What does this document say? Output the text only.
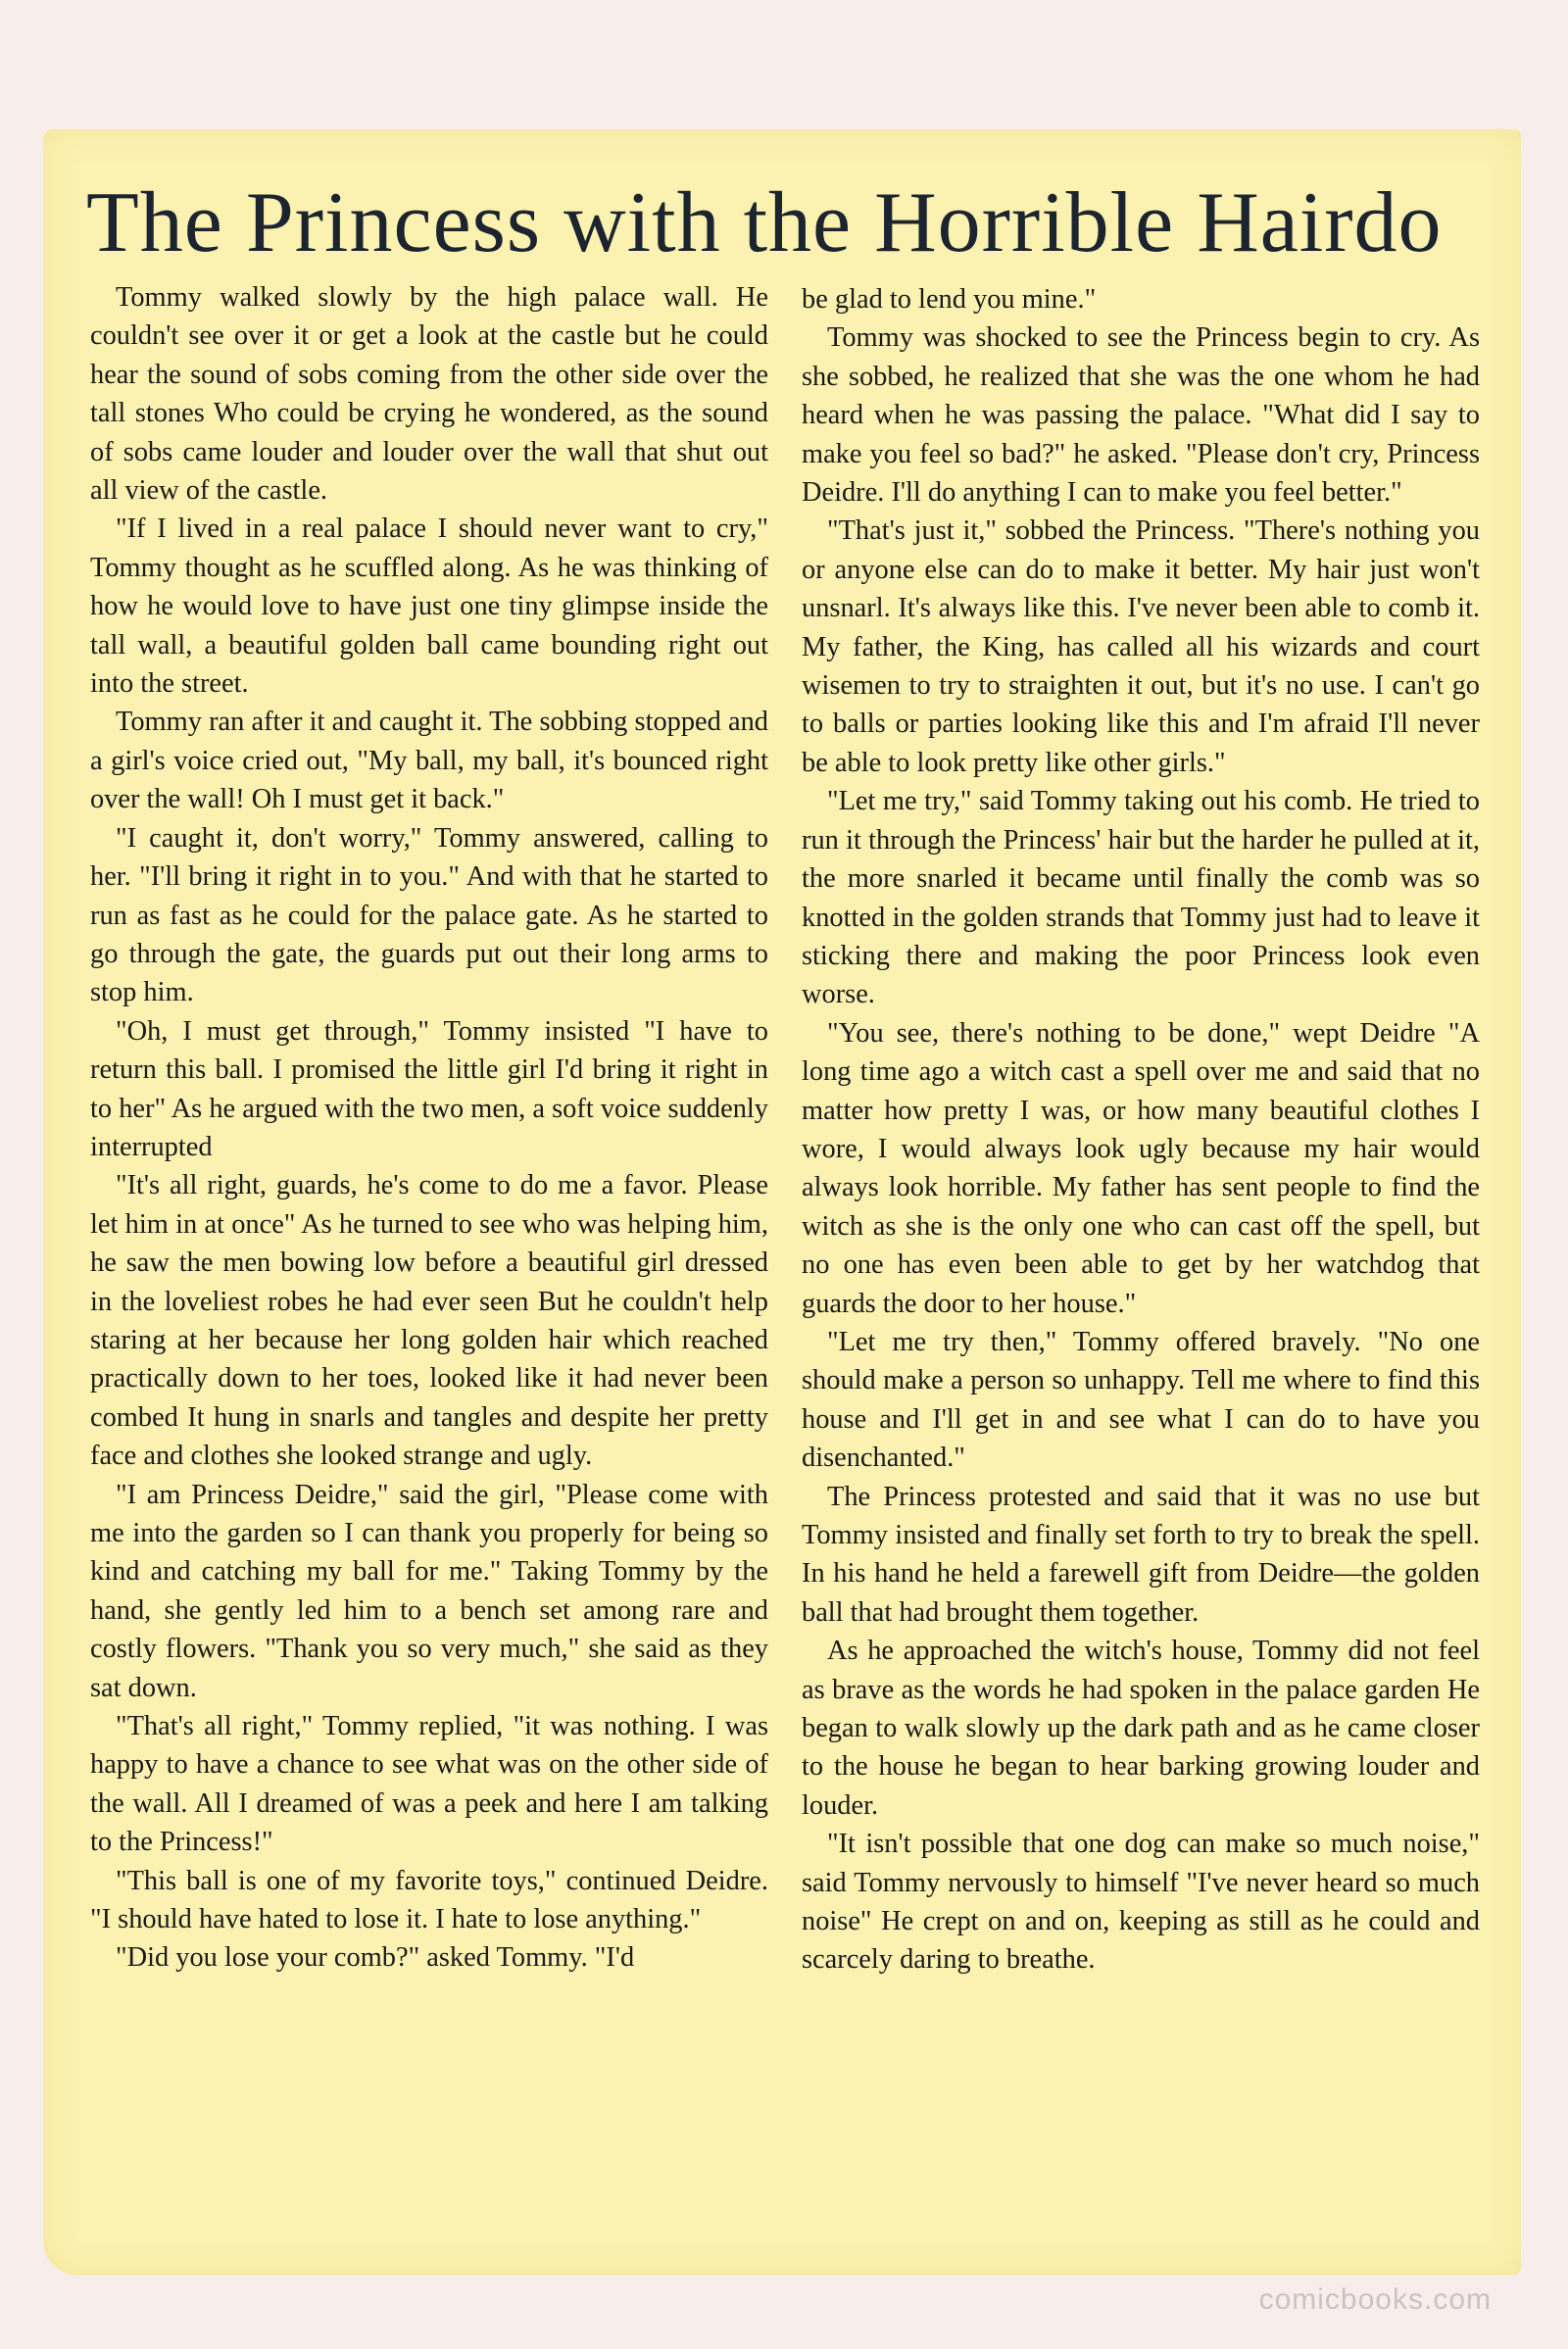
The Princess with the Horrible Hairdo

Tommy walked slowly by the high palace wall. He couldn't see over it or get a look at the castle but he could hear the sound of sobs coming from the other side over the tall stones Who could be crying he wondered, as the sound of sobs came louder and louder over the wall that shut out all view of the castle.

"If I lived in a real palace I should never want to cry," Tommy thought as he scuffled along. As he was thinking of how he would love to have just one tiny glimpse inside the tall wall, a beautiful golden ball came bounding right out into the street.

Tommy ran after it and caught it. The sobbing stopped and a girl's voice cried out, "My ball, my ball, it's bounced right over the wall! Oh I must get it back."

"I caught it, don't worry," Tommy answered, calling to her. "I'll bring it right in to you." And with that he started to run as fast as he could for the palace gate. As he started to go through the gate, the guards put out their long arms to stop him.

"Oh, I must get through," Tommy insisted "I have to return this ball. I promised the little girl I'd bring it right in to her" As he argued with the two men, a soft voice suddenly interrupted

"It's all right, guards, he's come to do me a favor. Please let him in at once" As he turned to see who was helping him, he saw the men bowing low before a beautiful girl dressed in the loveliest robes he had ever seen But he couldn't help staring at her because her long golden hair which reached practically down to her toes, looked like it had never been combed It hung in snarls and tangles and despite her pretty face and clothes she looked strange and ugly.

"I am Princess Deidre," said the girl, "Please come with me into the garden so I can thank you properly for being so kind and catching my ball for me." Taking Tommy by the hand, she gently led him to a bench set among rare and costly flowers. "Thank you so very much," she said as they sat down.

"That's all right," Tommy replied, "it was nothing. I was happy to have a chance to see what was on the other side of the wall. All I dreamed of was a peek and here I am talking to the Princess!"

"This ball is one of my favorite toys," continued Deidre. "I should have hated to lose it. I hate to lose anything."

"Did you lose your comb?" asked Tommy. "I'd

be glad to lend you mine."

Tommy was shocked to see the Princess begin to cry. As she sobbed, he realized that she was the one whom he had heard when he was passing the palace. "What did I say to make you feel so bad?" he asked. "Please don't cry, Princess Deidre. I'll do anything I can to make you feel better."

"That's just it," sobbed the Princess. "There's nothing you or anyone else can do to make it better. My hair just won't unsnarl. It's always like this. I've never been able to comb it. My father, the King, has called all his wizards and court wisemen to try to straighten it out, but it's no use. I can't go to balls or parties looking like this and I'm afraid I'll never be able to look pretty like other girls."

"Let me try," said Tommy taking out his comb. He tried to run it through the Princess' hair but the harder he pulled at it, the more snarled it became until finally the comb was so knotted in the golden strands that Tommy just had to leave it sticking there and making the poor Princess look even worse.

"You see, there's nothing to be done," wept Deidre "A long time ago a witch cast a spell over me and said that no matter how pretty I was, or how many beautiful clothes I wore, I would always look ugly because my hair would always look horrible. My father has sent people to find the witch as she is the only one who can cast off the spell, but no one has even been able to get by her watchdog that guards the door to her house."

"Let me try then," Tommy offered bravely. "No one should make a person so unhappy. Tell me where to find this house and I'll get in and see what I can do to have you disenchanted."

The Princess protested and said that it was no use but Tommy insisted and finally set forth to try to break the spell. In his hand he held a farewell gift from Deidre—the golden ball that had brought them together.

As he approached the witch's house, Tommy did not feel as brave as the words he had spoken in the palace garden He began to walk slowly up the dark path and as he came closer to the house he began to hear barking growing louder and louder.

"It isn't possible that one dog can make so much noise," said Tommy nervously to himself "I've never heard so much noise" He crept on and on, keeping as still as he could and scarcely daring to breathe.

comicbooks.com
